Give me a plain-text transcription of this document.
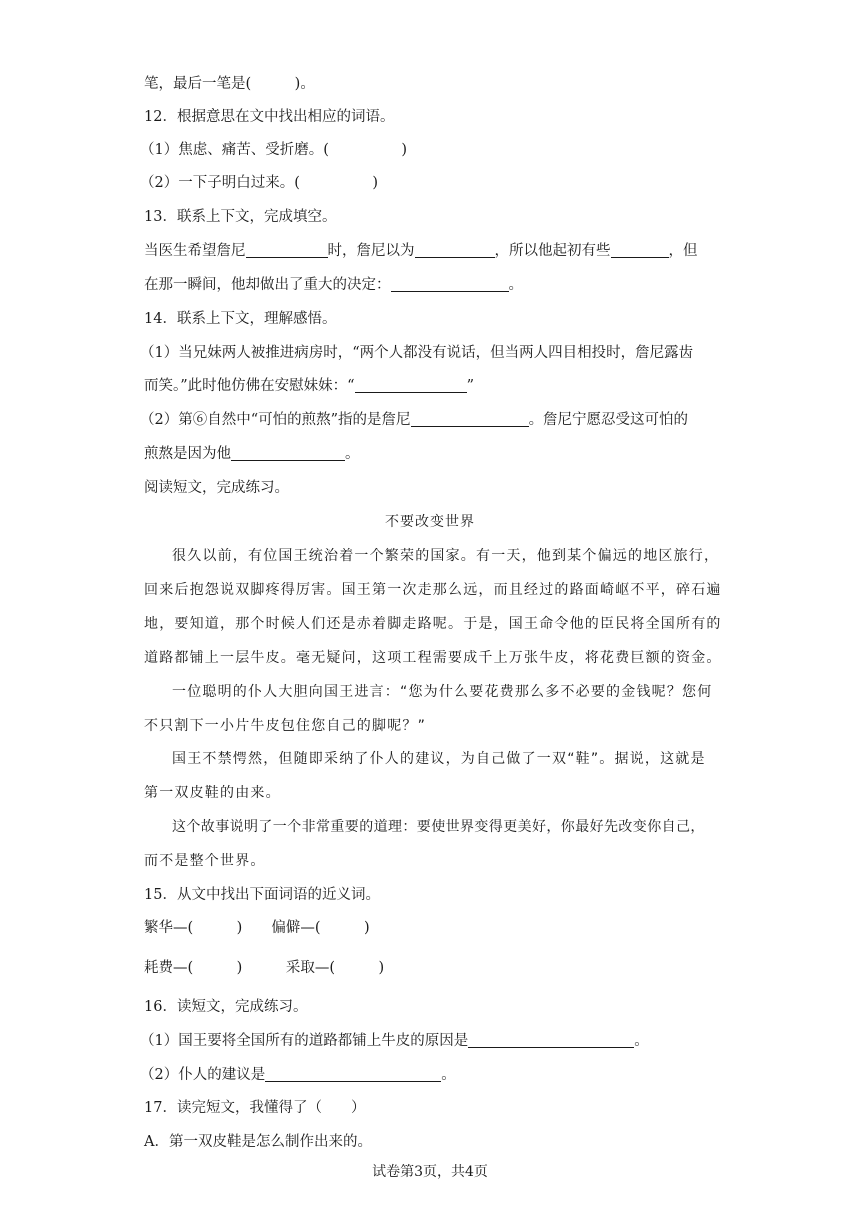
笔，最后一笔是(　　　)。
12．根据意思在文中找出相应的词语。
（1）焦虑、痛苦、受折磨。(　　　　　)
（2）一下子明白过来。(　　　　　)
13．联系上下文，完成填空。
当医生希望詹尼	时，詹尼以为	，所以他起初有些	，但
在那一瞬间，他却做出了重大的决定：	。
14．联系上下文，理解感悟。
（1）当兄妹两人被推进病房时，“两个人都没有说话，但当两人四目相投时，詹尼露齿
而笑。”此时他仿佛在安慰妹妹：“	”
（2）第⑥自然中“可怕的煎熬”指的是詹尼	。詹尼宁愿忍受这可怕的
煎熬是因为他	。
阅读短文，完成练习。
不要改变世界
很久以前，有位国王统治着一个繁荣的国家。有一天，他到某个偏远的地区旅行，
回来后抱怨说双脚疼得厉害。国王第一次走那么远，而且经过的路面崎岖不平，碎石遍
地，要知道，那个时候人们还是赤着脚走路呢。于是，国王命令他的臣民将全国所有的
道路都铺上一层牛皮。毫无疑问，这项工程需要成千上万张牛皮，将花费巨额的资金。
一位聪明的仆人大胆向国王进言：“您为什么要花费那么多不必要的金钱呢？您何
不只割下一小片牛皮包住您自己的脚呢？”
国王不禁愕然，但随即采纳了仆人的建议，为自己做了一双“鞋”。据说，这就是
第一双皮鞋的由来。
这个故事说明了一个非常重要的道理：要使世界变得更美好，你最好先改变你自己，
而不是整个世界。
15．从文中找出下面词语的近义词。
繁华—(　　　)　　偏僻—(　　　)
耗费—(　　　)　　　采取—(　　　)
16．读短文，完成练习。
（1）国王要将全国所有的道路都铺上牛皮的原因是	。
（2）仆人的建议是	。
17．读完短文，我懂得了（　　）
A．第一双皮鞋是怎么制作出来的。
试卷第3页，共4页
